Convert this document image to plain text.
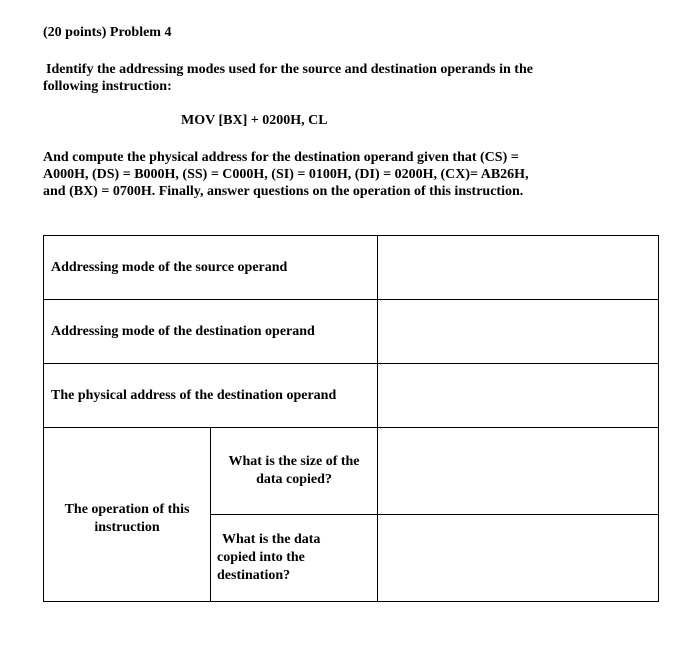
(20 points) Problem 4
Identify the addressing modes used for the source and destination operands in the
following instruction:
MOV [BX] + 0200H, CL
And compute the physical address for the destination operand given that (CS) =
A000H, (DS) = B000H, (SS) = C000H, (SI) = 0100H, (DI) = 0200H, (CX)= AB26H,
and (BX) = 0700H. Finally, answer questions on the operation of this instruction.
Addressing mode of the source operand		
Addressing mode of the destination operand		
The physical address of the destination operand		

The operation of this
instruction	What is the size of the
data copied?	

	What is the data
copied into the
destination?	
